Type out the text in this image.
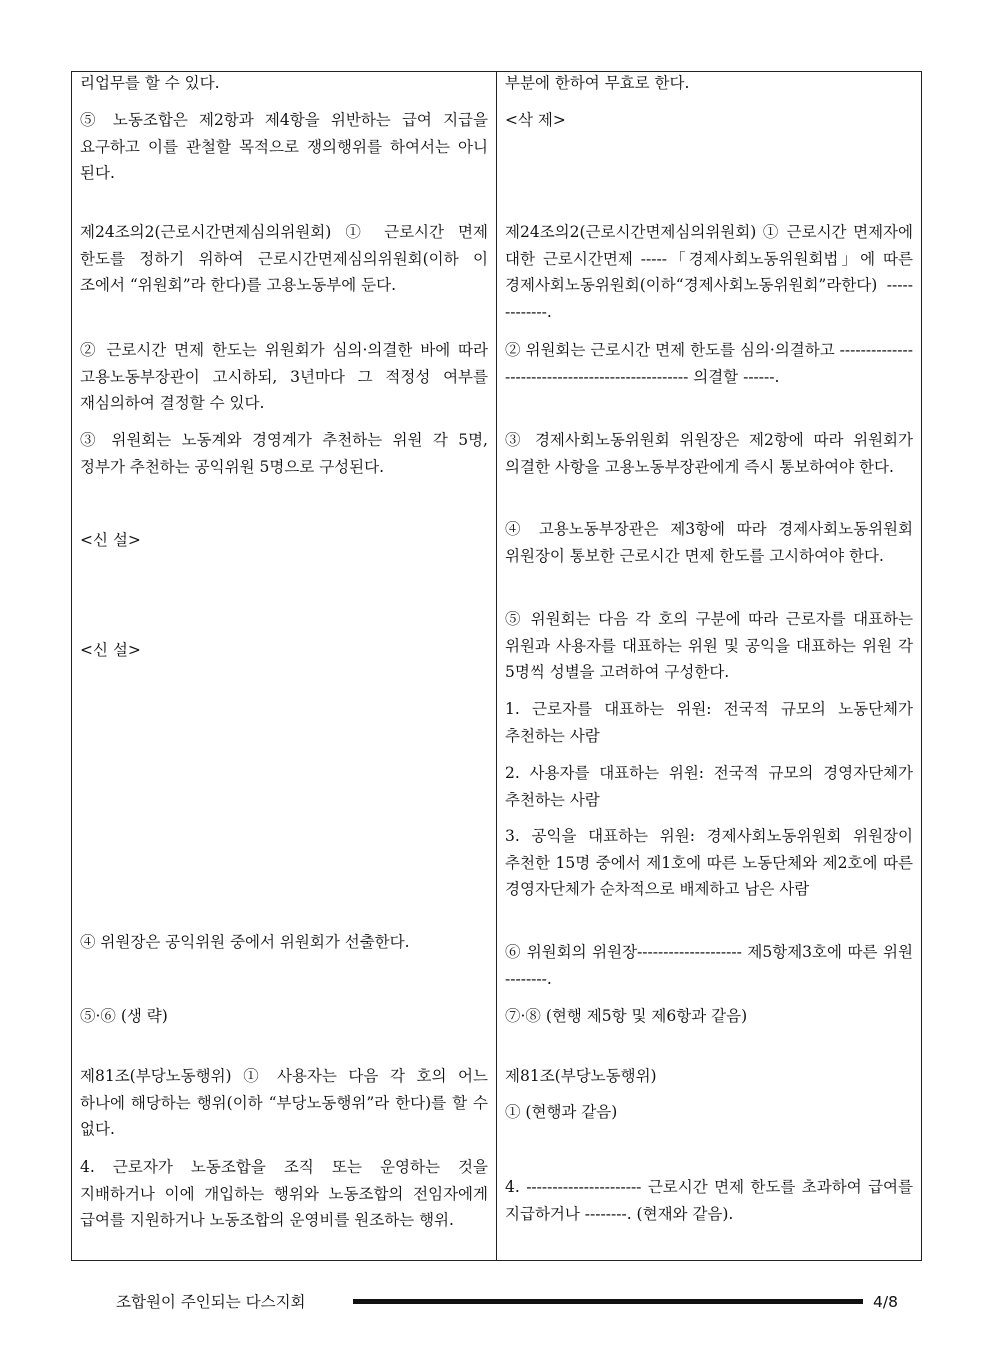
리업무를 할 수 있다.
⑤ 노동조합은 제2항과 제4항을 위반하는 급여 지급을 요구하고 이를 관철할 목적으로 쟁의행위를 하여서는 아니 된다.
제24조의2(근로시간면제심의위원회) ① 근로시간 면제 한도를 정하기 위하여 근로시간면제심의위원회(이하 이 조에서 “위원회”라 한다)를 고용노동부에 둔다.
② 근로시간 면제 한도는 위원회가 심의·의결한 바에 따라 고용노동부장관이 고시하되, 3년마다 그 적정성 여부를 재심의하여 결정할 수 있다.
③ 위원회는 노동계와 경영계가 추천하는 위원 각 5명, 정부가 추천하는 공익위원 5명으로 구성된다.
<신 설>
<신 설>
④ 위원장은 공익위원 중에서 위원회가 선출한다.
⑤·⑥ (생 략)
제81조(부당노동행위) ① 사용자는 다음 각 호의 어느 하나에 해당하는 행위(이하 “부당노동행위”라 한다)를 할 수 없다.
4. 근로자가 노동조합을 조직 또는 운영하는 것을 지배하거나 이에 개입하는 행위와 노동조합의 전임자에게 급여를 지원하거나 노동조합의 운영비를 원조하는 행위.
부분에 한하여 무효로 한다.
<삭 제>
제24조의2(근로시간면제심의위원회) ① 근로시간 면제자에 대한 근로시간면제 -----「경제사회노동위원회법」에 따른 경제사회노동위원회(이하“경제사회노동위원회”라한다) -------------.
② 위원회는 근로시간 면제 한도를 심의·의결하고 ------------------------------------------------- 의결할 ------.
③ 경제사회노동위원회 위원장은 제2항에 따라 위원회가 의결한 사항을 고용노동부장관에게 즉시 통보하여야 한다.
④ 고용노동부장관은 제3항에 따라 경제사회노동위원회 위원장이 통보한 근로시간 면제 한도를 고시하여야 한다.
⑤ 위원회는 다음 각 호의 구분에 따라 근로자를 대표하는 위원과 사용자를 대표하는 위원 및 공익을 대표하는 위원 각 5명씩 성별을 고려하여 구성한다.
1. 근로자를 대표하는 위원: 전국적 규모의 노동단체가 추천하는 사람
2. 사용자를 대표하는 위원: 전국적 규모의 경영자단체가 추천하는 사람
3. 공익을 대표하는 위원: 경제사회노동위원회 위원장이 추천한 15명 중에서 제1호에 따른 노동단체와 제2호에 따른 경영자단체가 순차적으로 배제하고 남은 사람
⑥ 위원회의 위원장-------------------- 제5항제3호에 따른 위원 --------.
⑦·⑧ (현행 제5항 및 제6항과 같음)
제81조(부당노동행위)
① (현행과 같음)
4. ---------------------- 근로시간 면제 한도를 초과하여 급여를 지급하거나 --------. (현재와 같음).
조합원이 주인되는 다스지회	4/8
